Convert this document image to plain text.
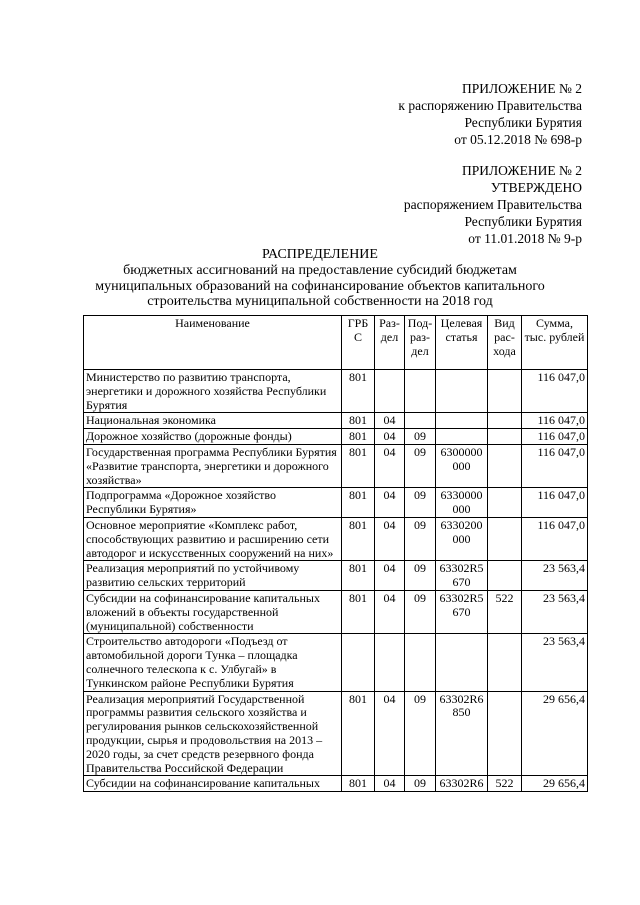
ПРИЛОЖЕНИЕ № 2
к распоряжению Правительства
Республики Бурятия
от 05.12.2018 № 698-р
ПРИЛОЖЕНИЕ № 2
УТВЕРЖДЕНО
распоряжением Правительства
Республики Бурятия
от 11.01.2018 № 9-р
РАСПРЕДЕЛЕНИЕ
бюджетных ассигнований на предоставление субсидий бюджетам
муниципальных образований на софинансирование объектов капитального
строительства муниципальной собственности на 2018 год
Наименование	ГРБС	Раз-дел	Под-раз-дел	Целевая статья	Вид рас-хода	Сумма, тыс. рублей
Министерство по развитию транспорта, энергетики и дорожного хозяйства Республики Бурятия	801					116 047,0
Национальная экономика	801	04				116 047,0
Дорожное хозяйство (дорожные фонды)	801	04	09			116 047,0
Государственная программа Республики Бурятия «Развитие транспорта, энергетики и дорожного хозяйства»	801	04	09	6300000 000		116 047,0
Подпрограмма «Дорожное хозяйство Республики Бурятия»	801	04	09	6330000 000		116 047,0
Основное мероприятие «Комплекс работ, способствующих развитию и расширению сети автодорог и искусственных сооружений на них»	801	04	09	6330200 000		116 047,0
Реализация мероприятий по устойчивому развитию сельских территорий	801	04	09	63302R5 670		23 563,4
Субсидии на софинансирование капитальных вложений в объекты государственной (муниципальной) собственности	801	04	09	63302R5 670	522	23 563,4
Строительство автодороги «Подъезд от автомобильной дороги Тунка – площадка солнечного телескопа к с. Улбугай» в Тункинском районе Республики Бурятия						23 563,4
Реализация мероприятий Государственной программы развития сельского хозяйства и регулирования рынков сельскохозяйственной продукции, сырья и продовольствия на 2013 – 2020 годы, за счет средств резервного фонда Правительства Российской Федерации	801	04	09	63302R6 850		29 656,4
Субсидии на софинансирование капитальных	801	04	09	63302R6	522	29 656,4
